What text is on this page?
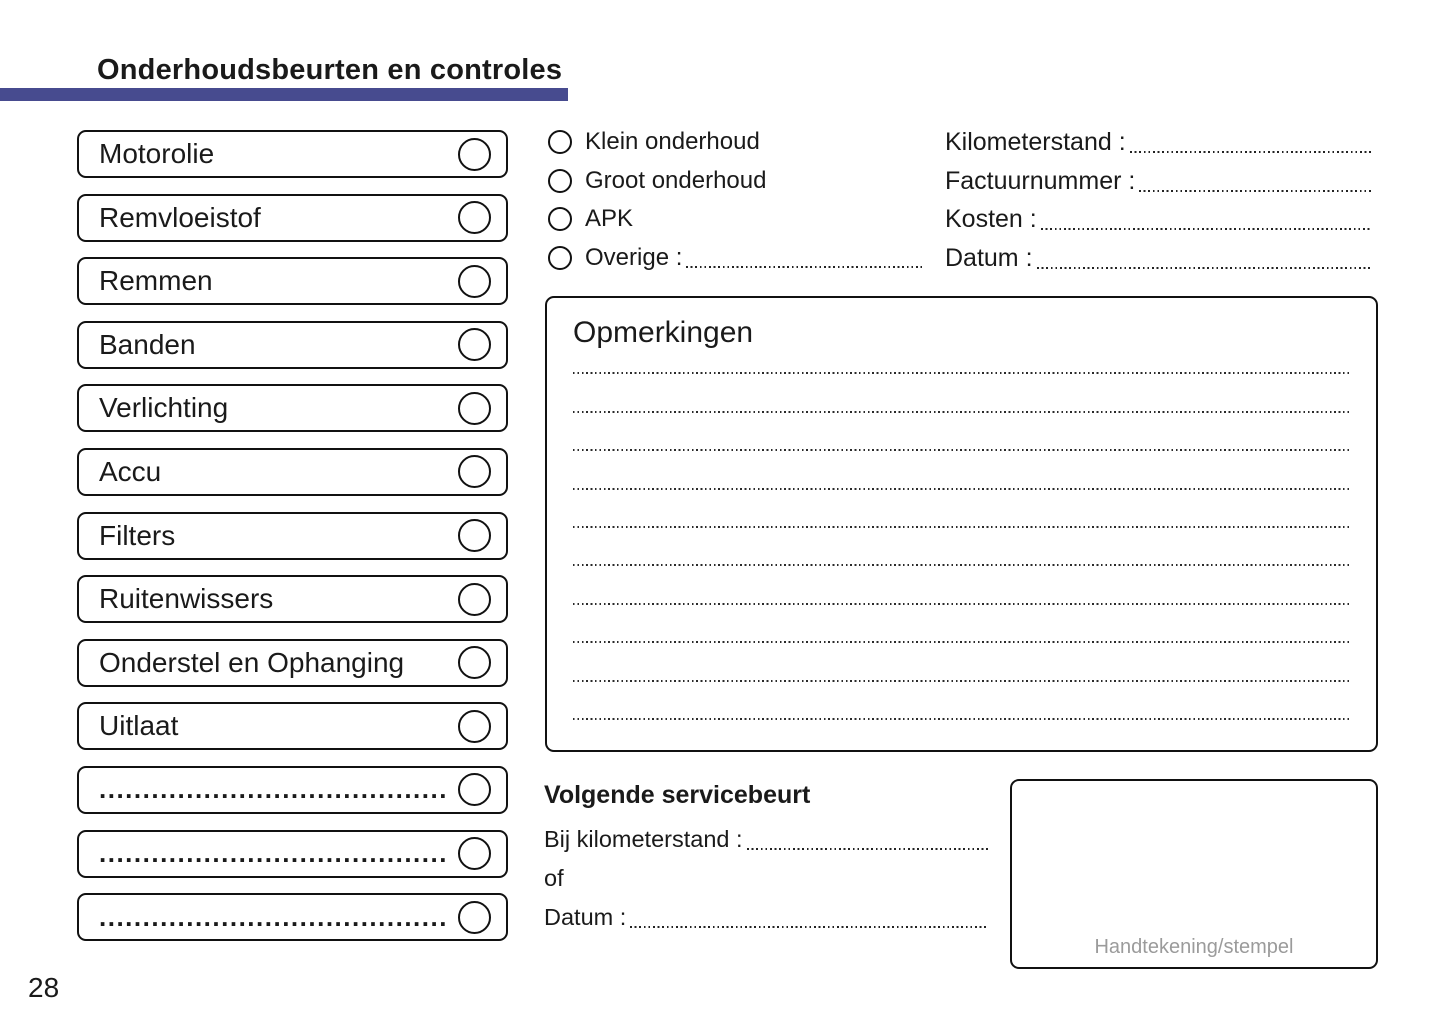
Onderhoudsbeurten en controles
Motorolie
Remvloeistof
Remmen
Banden
Verlichting
Accu
Filters
Ruitenwissers
Onderstel en Ophanging
Uitlaat
........................................
........................................
........................................
Klein onderhoud
Groot onderhoud
APK
Overige :
Kilometerstand :
Factuurnummer :
Kosten :
Datum :
Opmerkingen
Volgende servicebeurt
Bij kilometerstand :
of
Datum :
Handtekening/stempel
28
